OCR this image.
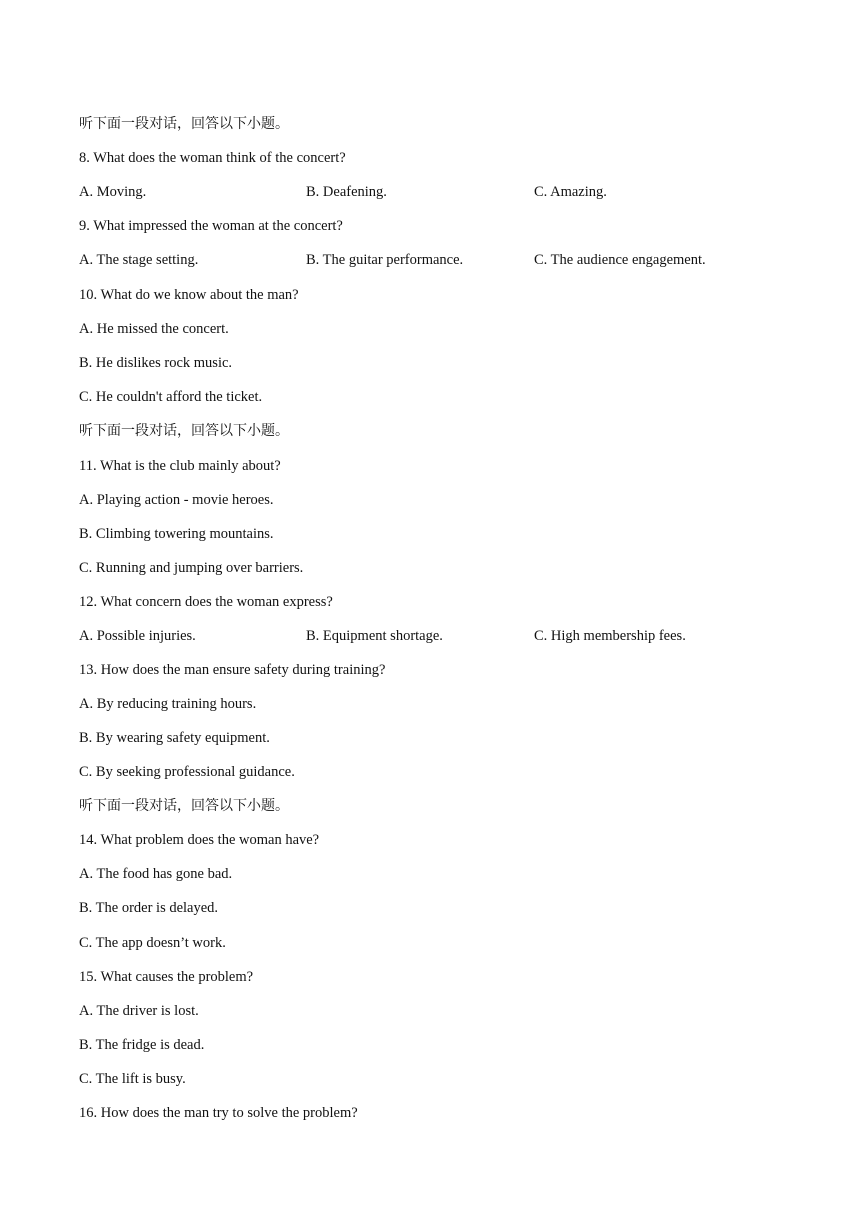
听下面一段对话，回答以下小题。
8. What does the woman think of the concert?
A. Moving.	B. Deafening.	C. Amazing.
9. What impressed the woman at the concert?
A. The stage setting.	B. The guitar performance.	C. The audience engagement.
10. What do we know about the man?
A. He missed the concert.
B. He dislikes rock music.
C. He couldn't afford the ticket.
听下面一段对话，回答以下小题。
11. What is the club mainly about?
A. Playing action - movie heroes.
B. Climbing towering mountains.
C. Running and jumping over barriers.
12. What concern does the woman express?
A. Possible injuries.	B. Equipment shortage.	C. High membership fees.
13. How does the man ensure safety during training?
A. By reducing training hours.
B. By wearing safety equipment.
C. By seeking professional guidance.
听下面一段对话，回答以下小题。
14. What problem does the woman have?
A. The food has gone bad.
B. The order is delayed.
C. The app doesn’t work.
15. What causes the problem?
A. The driver is lost.
B. The fridge is dead.
C. The lift is busy.
16. How does the man try to solve the problem?
